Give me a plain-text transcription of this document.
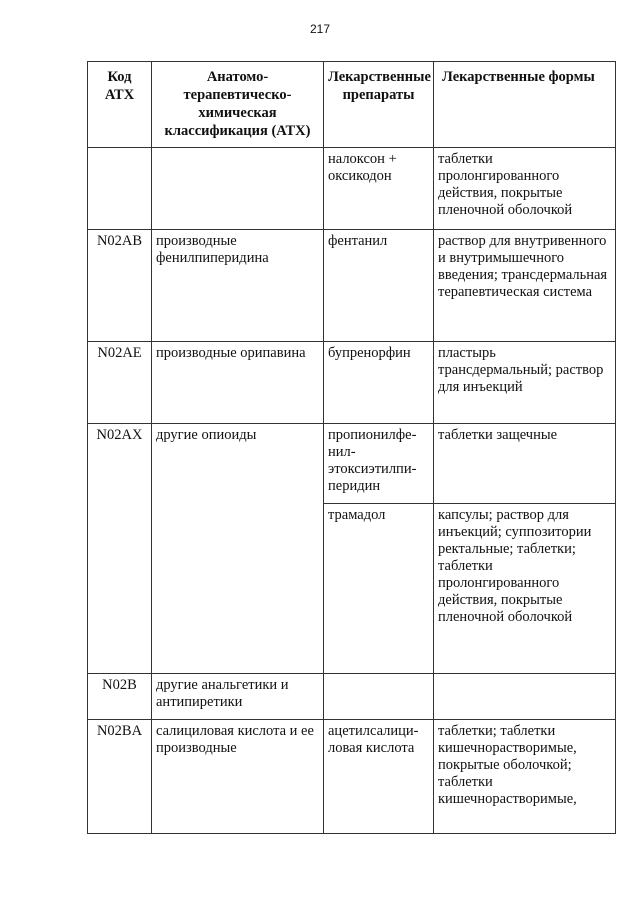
217
Код АТХ	Анатомо-терапевтическо-химическая классификация (АТХ)	Лекарственные препараты	Лекарственные формы
		налоксон + оксикодон	таблетки пролонгированного действия, покрытые пленочной оболочкой
N02AB	производные фенилпиперидина	фентанил	раствор для внутривенного и внутримышечного введения; трансдермальная терапевтическая система
N02AE	производные орипавина	бупренорфин	пластырь трансдермальный; раствор для инъекций
N02AX	другие опиоиды	пропионилфе-нил-этоксиэтилпи-перидин	таблетки защечные
		трамадол	капсулы; раствор для инъекций; суппозитории ректальные; таблетки; таблетки пролонгированного действия, покрытые пленочной оболочкой
N02B	другие анальгетики и антипиретики		
N02BA	салициловая кислота и ее производные	ацетилсалици-ловая кислота	таблетки; таблетки кишечнорастворимые, покрытые оболочкой; таблетки кишечнорастворимые,
